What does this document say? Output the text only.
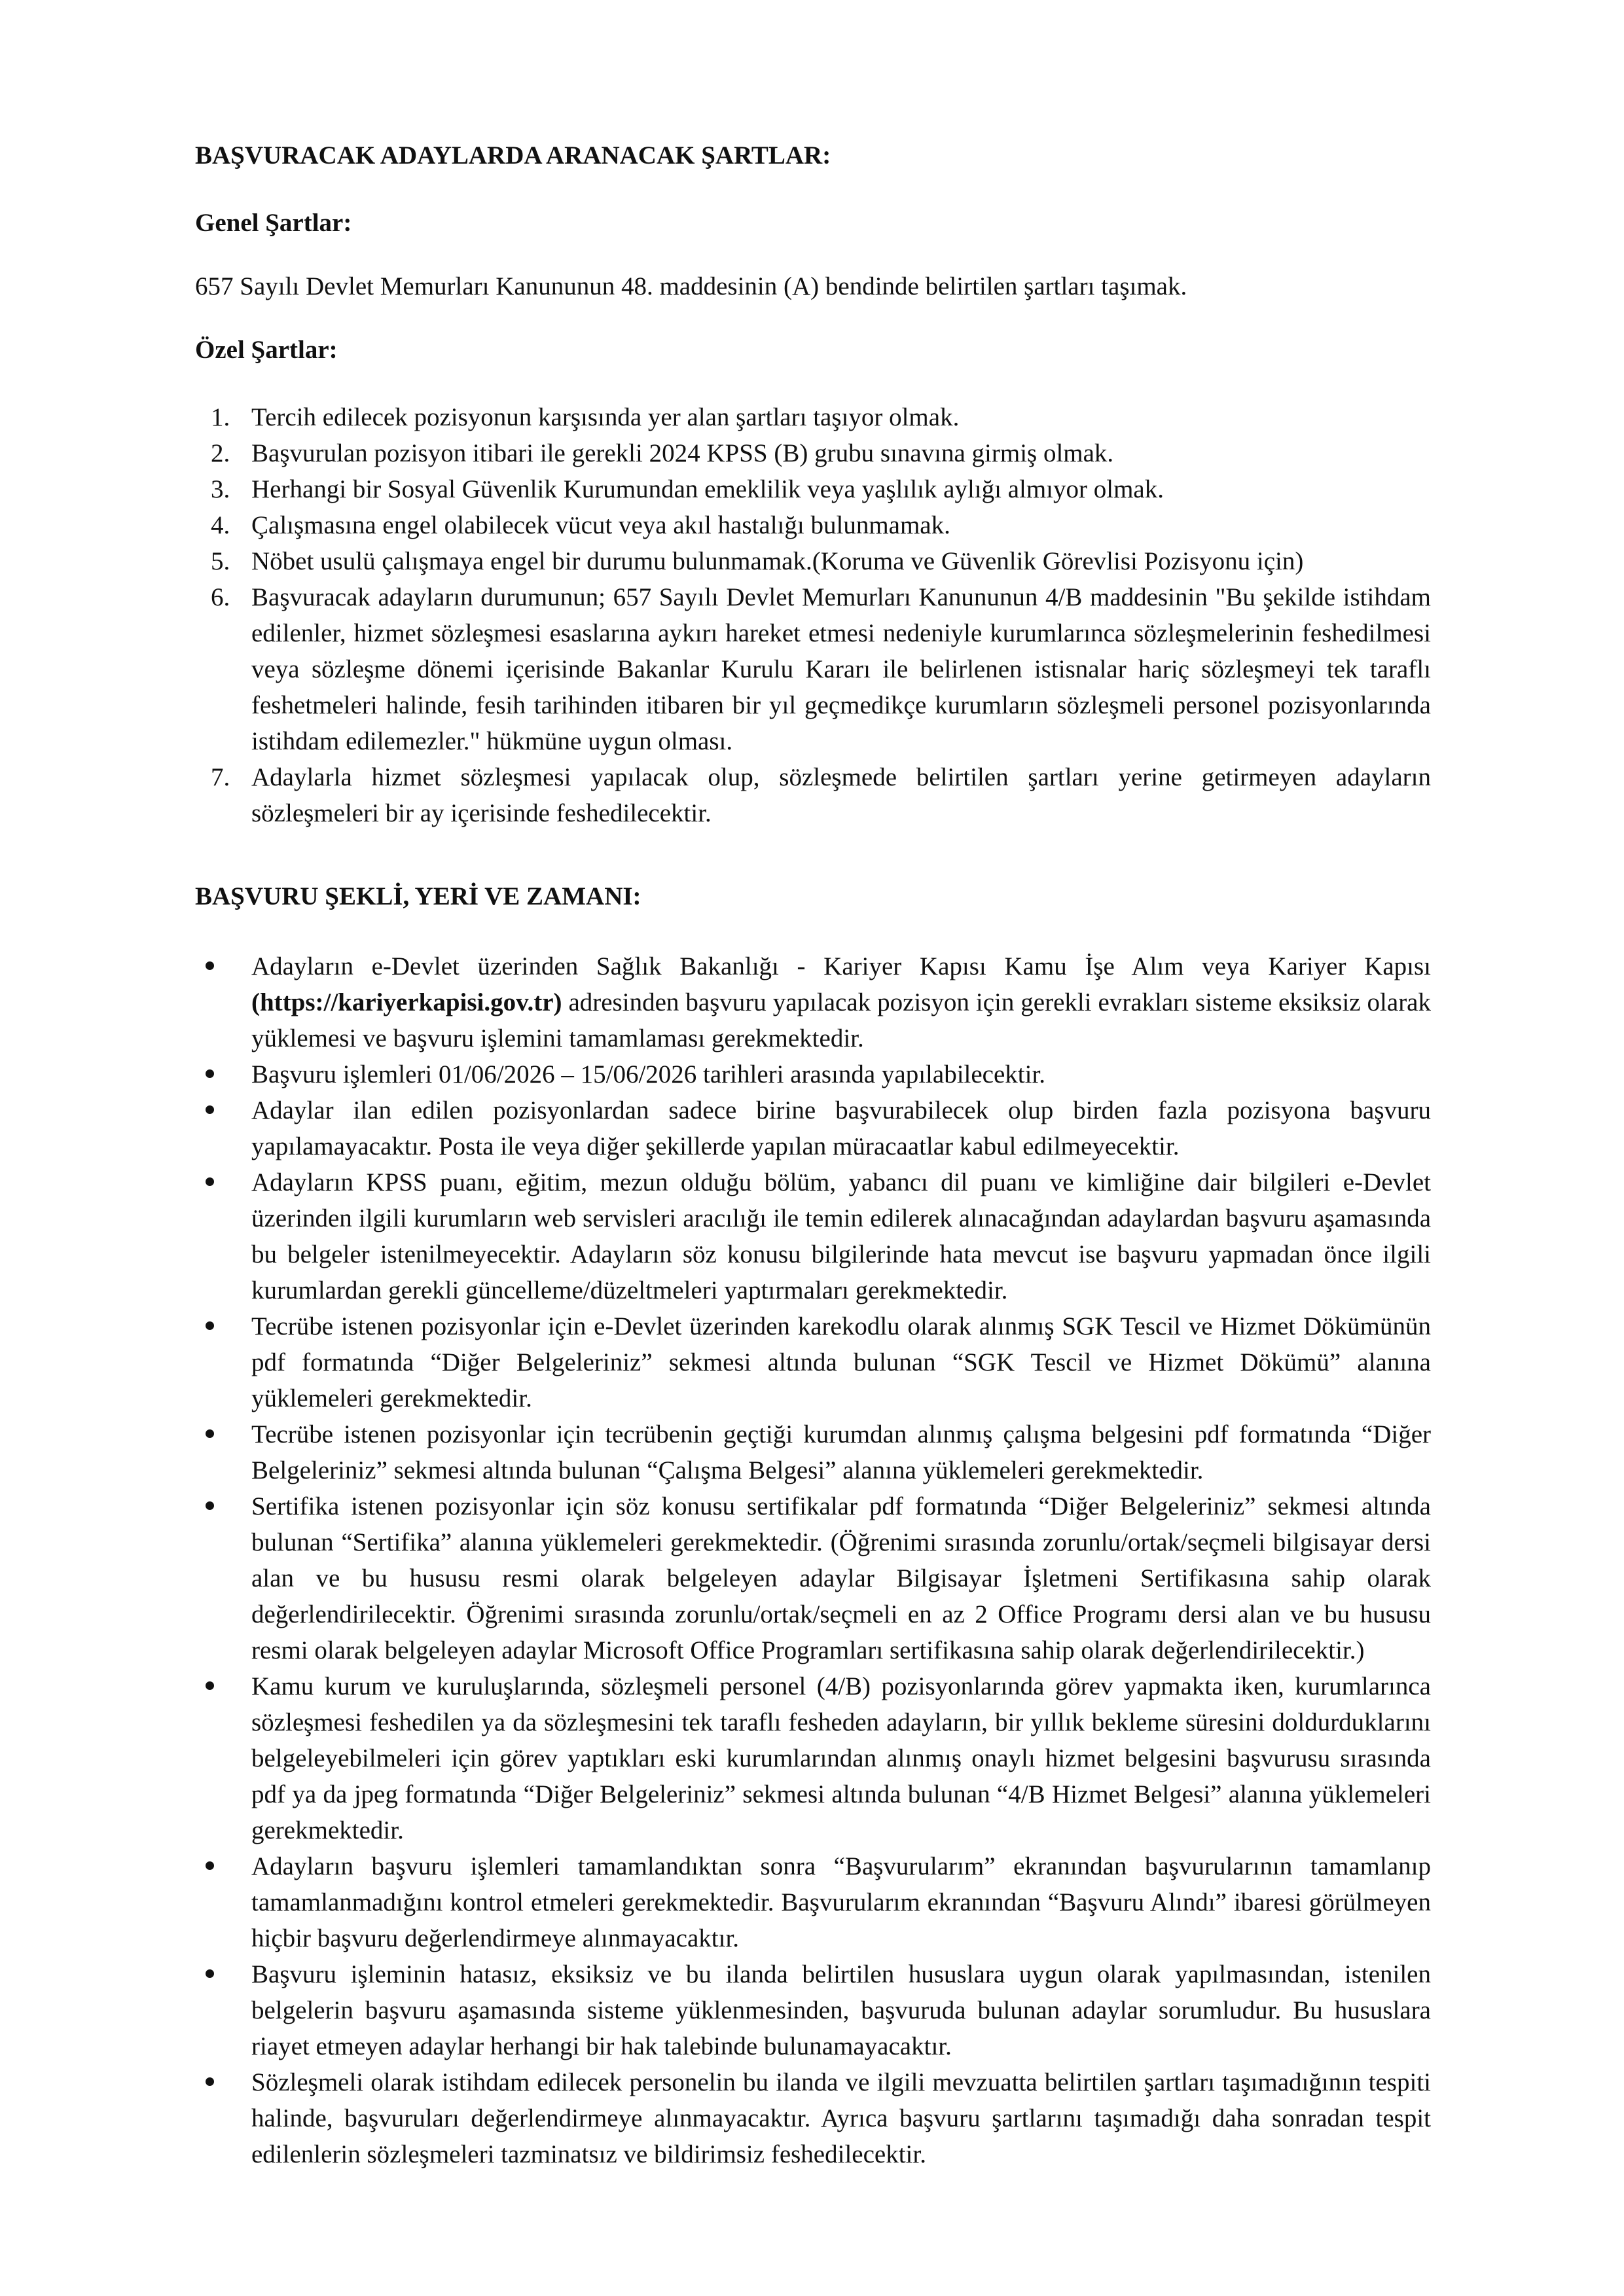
BAŞVURACAK ADAYLARDA ARANACAK ŞARTLAR:
Genel Şartlar:

657 Sayılı Devlet Memurları Kanununun 48. maddesinin (A) bendinde belirtilen şartları taşımak.

Özel Şartlar:
1. Tercih edilecek pozisyonun karşısında yer alan şartları taşıyor olmak.
2. Başvurulan pozisyon itibari ile gerekli 2024 KPSS (B) grubu sınavına girmiş olmak.
3. Herhangi bir Sosyal Güvenlik Kurumundan emeklilik veya yaşlılık aylığı almıyor olmak.
4. Çalışmasına engel olabilecek vücut veya akıl hastalığı bulunmamak.
5. Nöbet usulü çalışmaya engel bir durumu bulunmamak.(Koruma ve Güvenlik Görevlisi Pozisyonu için)
6. Başvuracak adayların durumunun; 657 Sayılı Devlet Memurları Kanununun 4/B maddesinin "Bu şekilde istihdam edilenler, hizmet sözleşmesi esaslarına aykırı hareket etmesi nedeniyle kurumlarınca sözleşmelerinin feshedilmesi veya sözleşme dönemi içerisinde Bakanlar Kurulu Kararı ile belirlenen istisnalar hariç sözleşmeyi tek taraflı feshetmeleri halinde, fesih tarihinden itibaren bir yıl geçmedikçe kurumların sözleşmeli personel pozisyonlarında istihdam edilemezler." hükmüne uygun olması.
7. Adaylarla hizmet sözleşmesi yapılacak olup, sözleşmede belirtilen şartları yerine getirmeyen adayların sözleşmeleri bir ay içerisinde feshedilecektir.
BAŞVURU ŞEKLİ, YERİ VE ZAMANI:
Adayların e-Devlet üzerinden Sağlık Bakanlığı - Kariyer Kapısı Kamu İşe Alım veya Kariyer Kapısı (https://kariyerkapisi.gov.tr) adresinden başvuru yapılacak pozisyon için gerekli evrakları sisteme eksiksiz olarak yüklemesi ve başvuru işlemini tamamlaması gerekmektedir.
Başvuru işlemleri 01/06/2026 – 15/06/2026 tarihleri arasında yapılabilecektir.
Adaylar ilan edilen pozisyonlardan sadece birine başvurabilecek olup birden fazla pozisyona başvuru yapılamayacaktır. Posta ile veya diğer şekillerde yapılan müracaatlar kabul edilmeyecektir.
Adayların KPSS puanı, eğitim, mezun olduğu bölüm, yabancı dil puanı ve kimliğine dair bilgileri e-Devlet üzerinden ilgili kurumların web servisleri aracılığı ile temin edilerek alınacağından adaylardan başvuru aşamasında bu belgeler istenilmeyecektir. Adayların söz konusu bilgilerinde hata mevcut ise başvuru yapmadan önce ilgili kurumlardan gerekli güncelleme/düzeltmeleri yaptırmaları gerekmektedir.
Tecrübe istenen pozisyonlar için e-Devlet üzerinden karekodlu olarak alınmış SGK Tescil ve Hizmet Dökümünün pdf formatında “Diğer Belgeleriniz” sekmesi altında bulunan “SGK Tescil ve Hizmet Dökümü” alanına yüklemeleri gerekmektedir.
Tecrübe istenen pozisyonlar için tecrübenin geçtiği kurumdan alınmış çalışma belgesini pdf formatında “Diğer Belgeleriniz” sekmesi altında bulunan “Çalışma Belgesi” alanına yüklemeleri gerekmektedir.
Sertifika istenen pozisyonlar için söz konusu sertifikalar pdf formatında “Diğer Belgeleriniz” sekmesi altında bulunan “Sertifika” alanına yüklemeleri gerekmektedir. (Öğrenimi sırasında zorunlu/ortak/seçmeli bilgisayar dersi alan ve bu hususu resmi olarak belgeleyen adaylar Bilgisayar İşletmeni Sertifikasına sahip olarak değerlendirilecektir. Öğrenimi sırasında zorunlu/ortak/seçmeli en az 2 Office Programı dersi alan ve bu hususu resmi olarak belgeleyen adaylar Microsoft Office Programları sertifikasına sahip olarak değerlendirilecektir.)
Kamu kurum ve kuruluşlarında, sözleşmeli personel (4/B) pozisyonlarında görev yapmakta iken, kurumlarınca sözleşmesi feshedilen ya da sözleşmesini tek taraflı fesheden adayların, bir yıllık bekleme süresini doldurduklarını belgeleyebilmeleri için görev yaptıkları eski kurumlarından alınmış onaylı hizmet belgesini başvurusu sırasında pdf ya da jpeg formatında “Diğer Belgeleriniz” sekmesi altında bulunan “4/B Hizmet Belgesi” alanına yüklemeleri gerekmektedir.
Adayların başvuru işlemleri tamamlandıktan sonra “Başvurularım” ekranından başvurularının tamamlanıp tamamlanmadığını kontrol etmeleri gerekmektedir. Başvurularım ekranından “Başvuru Alındı” ibaresi görülmeyen hiçbir başvuru değerlendirmeye alınmayacaktır.
Başvuru işleminin hatasız, eksiksiz ve bu ilanda belirtilen hususlara uygun olarak yapılmasından, istenilen belgelerin başvuru aşamasında sisteme yüklenmesinden, başvuruda bulunan adaylar sorumludur. Bu hususlara riayet etmeyen adaylar herhangi bir hak talebinde bulunamayacaktır.
Sözleşmeli olarak istihdam edilecek personelin bu ilanda ve ilgili mevzuatta belirtilen şartları taşımadığının tespiti halinde, başvuruları değerlendirmeye alınmayacaktır. Ayrıca başvuru şartlarını taşımadığı daha sonradan tespit edilenlerin sözleşmeleri tazminatsız ve bildirimsiz feshedilecektir.
